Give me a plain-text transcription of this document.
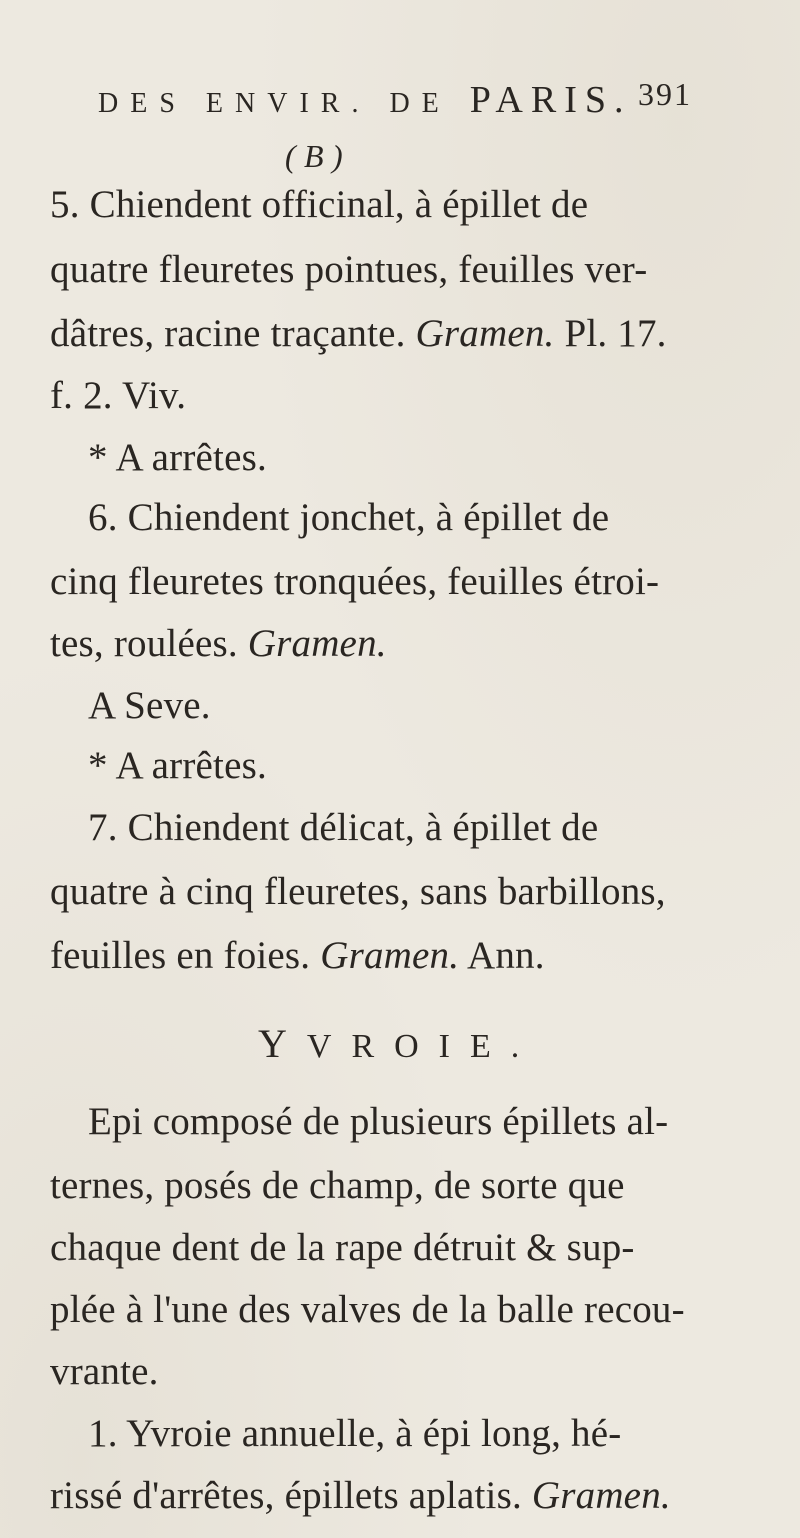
DES ENVIR. DE PARIS. 391
( B )
5. Chiendent officinal, à épillet de
quatre fleuretes pointues, feuilles ver-
dâtres, racine traçante. Gramen. Pl. 17.
f. 2. Viv.
* A arrêtes.
6. Chiendent jonchet, à épillet de
cinq fleuretes tronquées, feuilles étroi-
tes, roulées. Gramen.
A Seve.
* A arrêtes.
7. Chiendent délicat, à épillet de
quatre à cinq fleuretes, sans barbillons,
feuilles en foies. Gramen. Ann.
YVROIE.
Epi composé de plusieurs épillets al-
ternes, posés de champ, de sorte que
chaque dent de la rape détruit & sup-
plée à l'une des valves de la balle recou-
vrante.
1. Yvroie annuelle, à épi long, hé-
rissé d'arrêtes, épillets aplatis. Gramen.
